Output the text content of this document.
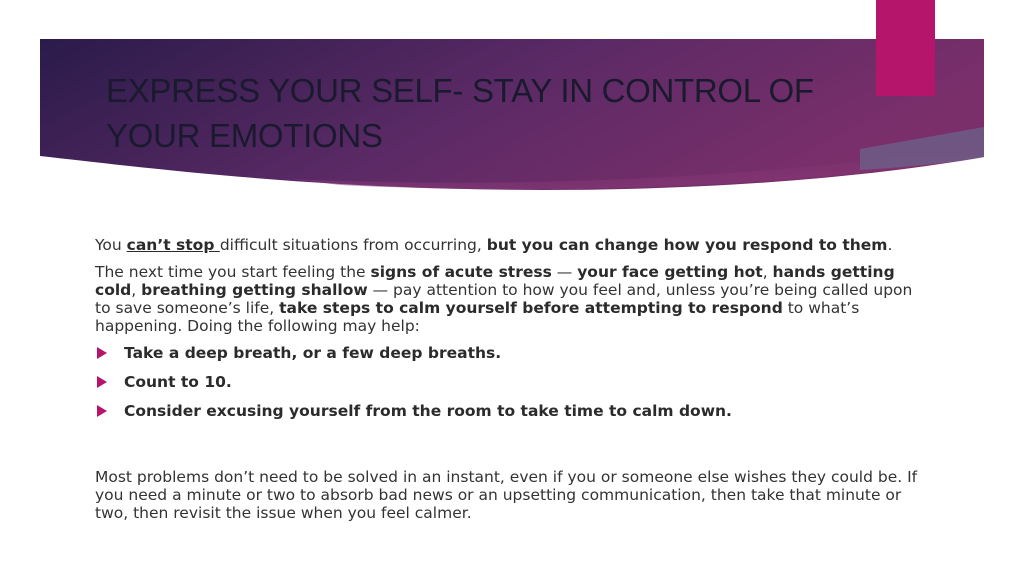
EXPRESS YOUR SELF- STAY IN CONTROL OF YOUR EMOTIONS

You can’t stop difficult situations from occurring, but you can change how you respond to them.

The next time you start feeling the signs of acute stress — your face getting hot, hands getting cold, breathing getting shallow — pay attention to how you feel and, unless you’re being called upon to save someone’s life, take steps to calm yourself before attempting to respond to what’s happening. Doing the following may help:

Take a deep breath, or a few deep breaths.
Count to 10.
Consider excusing yourself from the room to take time to calm down.

Most problems don’t need to be solved in an instant, even if you or someone else wishes they could be. If you need a minute or two to absorb bad news or an upsetting communication, then take that minute or two, then revisit the issue when you feel calmer.
